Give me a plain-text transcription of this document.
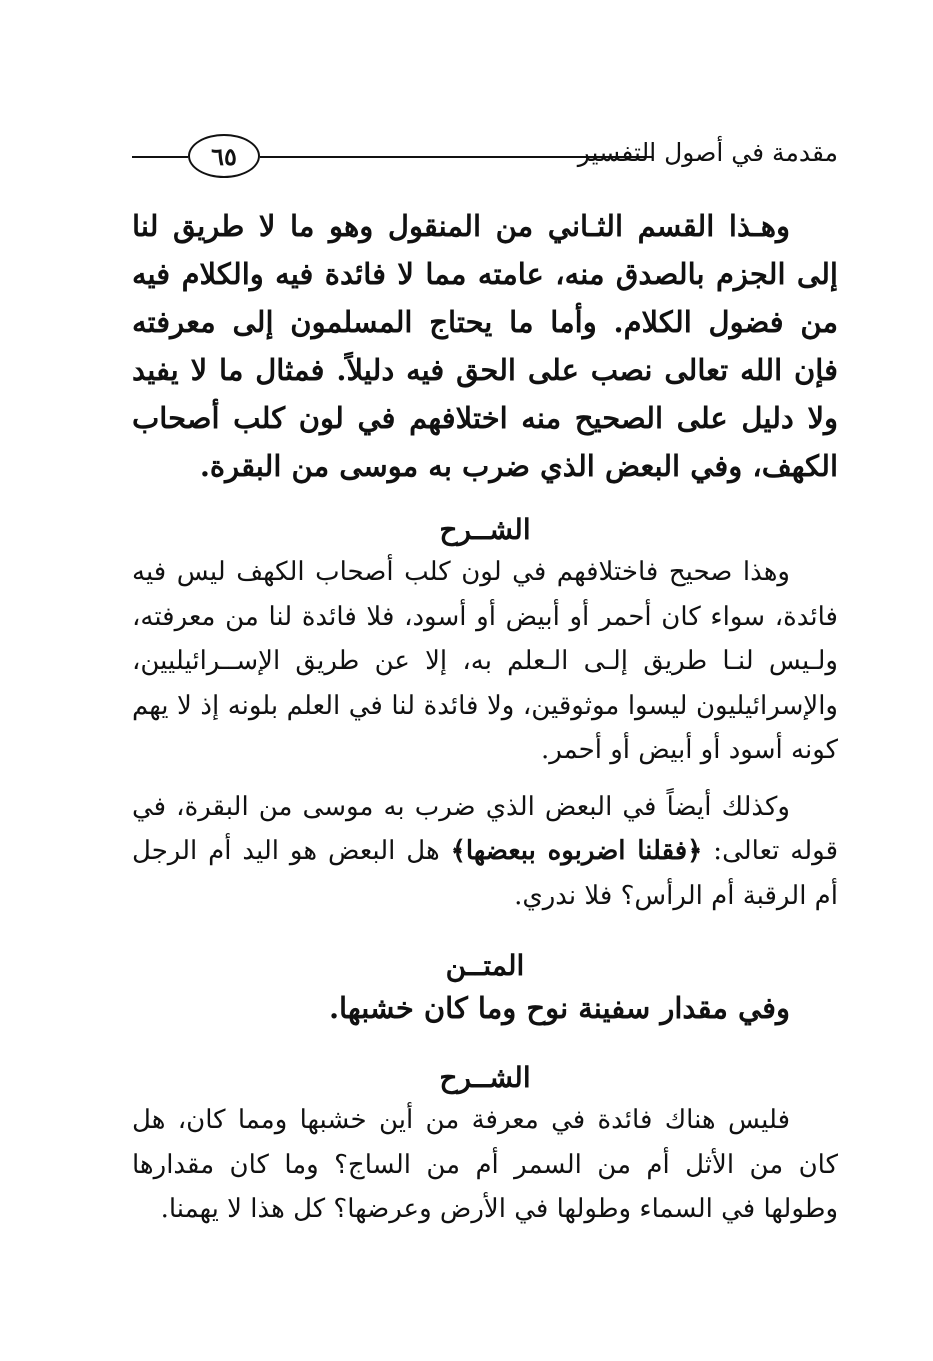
٦٥	مقدمة في أصول التفسير

وهـذا القسم الثـاني من المنقول وهو ما لا طريق لنا إلى الجزم بالصدق منه، عامته مما لا فائدة فيه والكلام فيه من فضول الكلام. وأما ما يحتاج المسلمون إلى معرفته فإن الله تعالى نصب على الحق فيه دليلاً. فمثال ما لا يفيد ولا دليل على الصحيح منه اختلافهم في لون كلب أصحاب الكهف، وفي البعض الذي ضرب به موسى من البقرة.

الشــرح

وهذا صحيح فاختلافهم في لون كلب أصحاب الكهف ليس فيه فائدة، سواء كان أحمر أو أبيض أو أسود، فلا فائدة لنا من معرفته، ولـيس لنـا طريق إلـى الـعلم به، إلا عن طريق الإســرائيليين، والإسرائيليون ليسوا موثوقين، ولا فائدة لنا في العلم بلونه إذ لا يهم كونه أسود أو أبيض أو أحمر.

وكذلك أيضاً في البعض الذي ضرب به موسى من البقرة، في قوله تعالى: ﴿فقلنا اضربوه ببعضها﴾ هل البعض هو اليد أم الرجل أم الرقبة أم الرأس؟ فلا ندري.

المتــن

وفي مقدار سفينة نوح وما كان خشبها.

الشــرح

فليس هناك فائدة في معرفة من أين خشبها ومما كان، هل كان من الأثل أم من السمر أم من الساج؟ وما كان مقدارها وطولها في السماء وطولها في الأرض وعرضها؟ كل هذا لا يهمنا.
